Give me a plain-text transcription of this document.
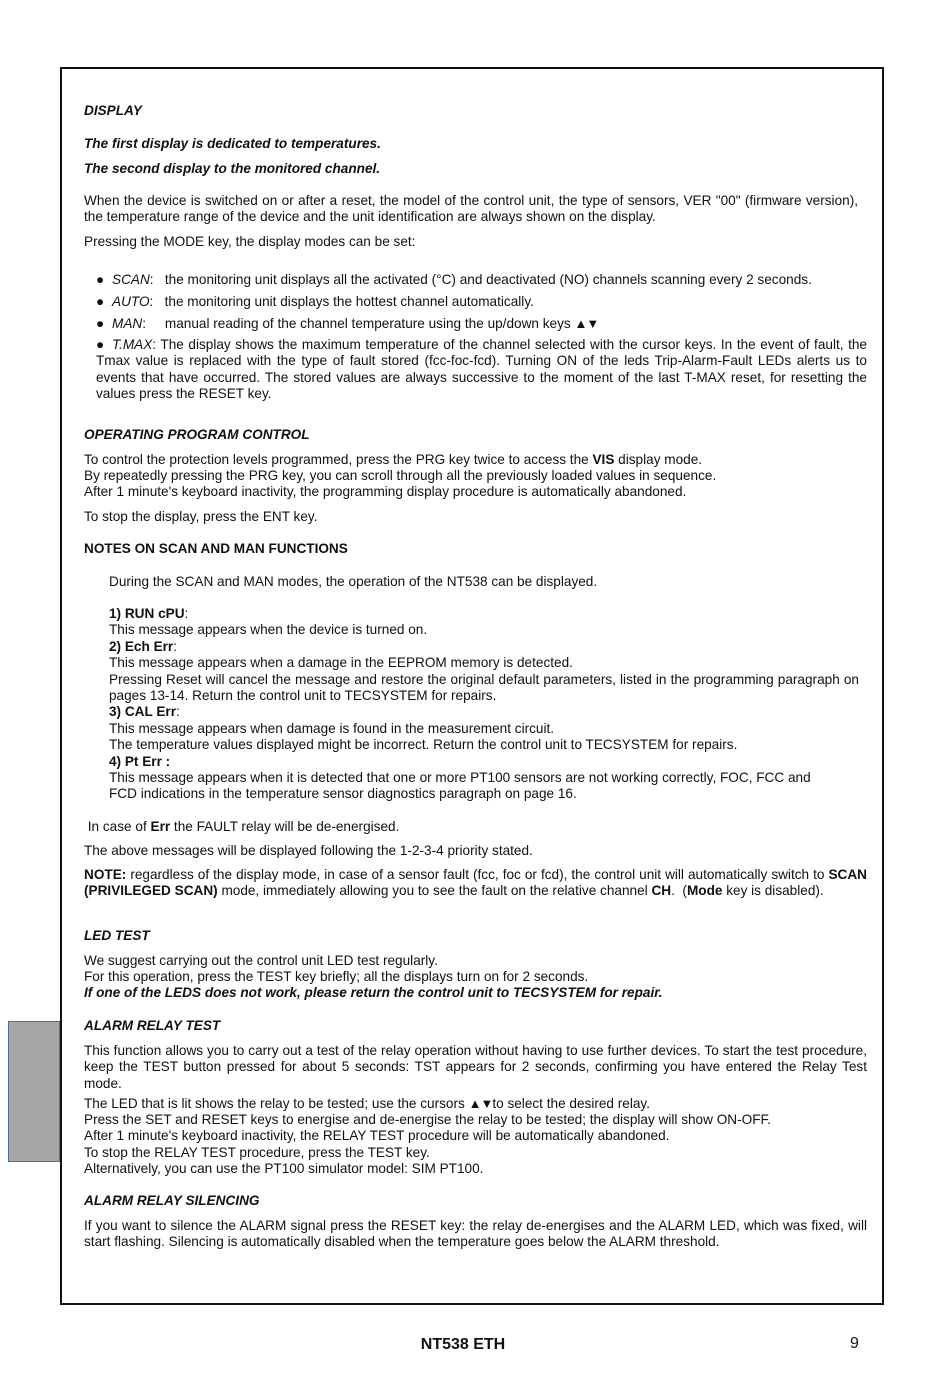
DISPLAY
The first display is dedicated to temperatures.
The second display to the monitored channel.
When the device is switched on or after a reset, the model of the control unit, the type of sensors, VER "00" (firmware version), the temperature range of the device and the unit identification are always shown on the display.
Pressing the MODE key, the display modes can be set:
● SCAN:   the monitoring unit displays all the activated (°C) and deactivated (NO) channels scanning every 2 seconds.
● AUTO:   the monitoring unit displays the hottest channel automatically.
● MAN:     manual reading of the channel temperature using the up/down keys ▲▼
● T.MAX: The display shows the maximum temperature of the channel selected with the cursor keys. In the event of fault, the Tmax value is replaced with the type of fault stored (fcc-foc-fcd). Turning ON of the leds Trip-Alarm-Fault LEDs alerts us to events that have occurred. The stored values are always successive to the moment of the last T-MAX reset, for resetting the values press the RESET key.
OPERATING PROGRAM CONTROL
To control the protection levels programmed, press the PRG key twice to access the VIS display mode.
By repeatedly pressing the PRG key, you can scroll through all the previously loaded values in sequence.
After 1 minute's keyboard inactivity, the programming display procedure is automatically abandoned.
To stop the display, press the ENT key.
NOTES ON SCAN AND MAN FUNCTIONS
During the SCAN and MAN modes, the operation of the NT538 can be displayed.
1) RUN cPU:
This message appears when the device is turned on.
2) Ech Err:
This message appears when a damage in the EEPROM memory is detected.
Pressing Reset will cancel the message and restore the original default parameters, listed in the programming paragraph on pages 13-14. Return the control unit to TECSYSTEM for repairs.
3) CAL Err:
This message appears when damage is found in the measurement circuit.
The temperature values displayed might be incorrect. Return the control unit to TECSYSTEM for repairs.
4) Pt Err :
This message appears when it is detected that one or more PT100 sensors are not working correctly, FOC, FCC and FCD indications in the temperature sensor diagnostics paragraph on page 16.
In case of Err the FAULT relay will be de-energised.
The above messages will be displayed following the 1-2-3-4 priority stated.
NOTE: regardless of the display mode, in case of a sensor fault (fcc, foc or fcd), the control unit will automatically switch to SCAN (PRIVILEGED SCAN) mode, immediately allowing you to see the fault on the relative channel CH.  (Mode key is disabled).
LED TEST
We suggest carrying out the control unit LED test regularly.
For this operation, press the TEST key briefly; all the displays turn on for 2 seconds.
If one of the LEDS does not work, please return the control unit to TECSYSTEM for repair.
ALARM RELAY TEST
This function allows you to carry out a test of the relay operation without having to use further devices. To start the test procedure, keep the TEST button pressed for about 5 seconds: TST appears for 2 seconds, confirming you have entered the Relay Test mode.
The LED that is lit shows the relay to be tested; use the cursors ▲▼to select the desired relay.
Press the SET and RESET keys to energise and de-energise the relay to be tested; the display will show ON-OFF.
After 1 minute's keyboard inactivity, the RELAY TEST procedure will be automatically abandoned.
To stop the RELAY TEST procedure, press the TEST key.
Alternatively, you can use the PT100 simulator model: SIM PT100.
ALARM RELAY SILENCING
If you want to silence the ALARM signal press the RESET key: the relay de-energises and the ALARM LED, which was fixed, will start flashing. Silencing is automatically disabled when the temperature goes below the ALARM threshold.
NT538 ETH	9
